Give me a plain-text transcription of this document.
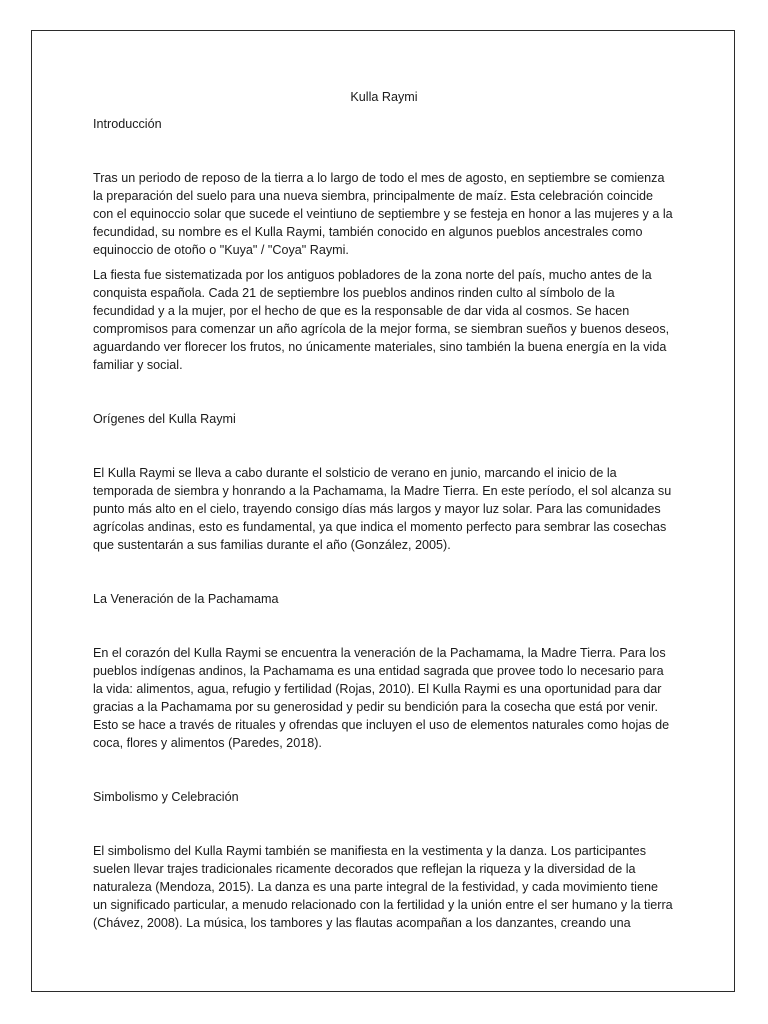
Kulla Raymi
Introducción

Tras un periodo de reposo de la tierra a lo largo de todo el mes de agosto, en septiembre se comienza la preparación del suelo para una nueva siembra, principalmente de maíz. Esta celebración coincide con el equinoccio solar que sucede el veintiuno de septiembre y se festeja en honor a las mujeres y a la fecundidad, su nombre es el Kulla Raymi, también conocido en algunos pueblos ancestrales como equinoccio de otoño o "Kuya" / "Coya" Raymi.

La fiesta fue sistematizada por los antiguos pobladores de la zona norte del país, mucho antes de la conquista española. Cada 21 de septiembre los pueblos andinos rinden culto al símbolo de la fecundidad y a la mujer, por el hecho de que es la responsable de dar vida al cosmos. Se hacen compromisos para comenzar un año agrícola de la mejor forma, se siembran sueños y buenos deseos, aguardando ver florecer los frutos, no únicamente materiales, sino también la buena energía en la vida familiar y social.

Orígenes del Kulla Raymi

El Kulla Raymi se lleva a cabo durante el solsticio de verano en junio, marcando el inicio de la temporada de siembra y honrando a la Pachamama, la Madre Tierra. En este período, el sol alcanza su punto más alto en el cielo, trayendo consigo días más largos y mayor luz solar. Para las comunidades agrícolas andinas, esto es fundamental, ya que indica el momento perfecto para sembrar las cosechas que sustentarán a sus familias durante el año (González, 2005).

La Veneración de la Pachamama

En el corazón del Kulla Raymi se encuentra la veneración de la Pachamama, la Madre Tierra. Para los pueblos indígenas andinos, la Pachamama es una entidad sagrada que provee todo lo necesario para la vida: alimentos, agua, refugio y fertilidad (Rojas, 2010). El Kulla Raymi es una oportunidad para dar gracias a la Pachamama por su generosidad y pedir su bendición para la cosecha que está por venir. Esto se hace a través de rituales y ofrendas que incluyen el uso de elementos naturales como hojas de coca, flores y alimentos (Paredes, 2018).

Simbolismo y Celebración

El simbolismo del Kulla Raymi también se manifiesta en la vestimenta y la danza. Los participantes suelen llevar trajes tradicionales ricamente decorados que reflejan la riqueza y la diversidad de la naturaleza (Mendoza, 2015). La danza es una parte integral de la festividad, y cada movimiento tiene un significado particular, a menudo relacionado con la fertilidad y la unión entre el ser humano y la tierra (Chávez, 2008). La música, los tambores y las flautas acompañan a los danzantes, creando una
